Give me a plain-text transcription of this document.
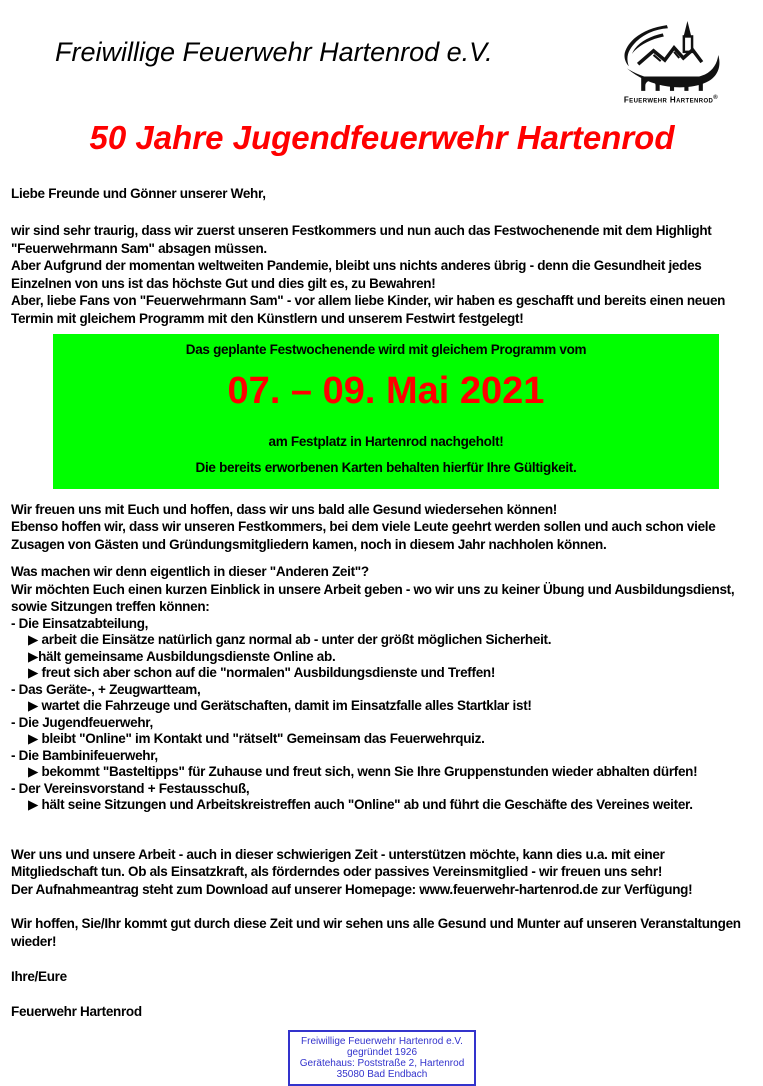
Freiwillige Feuerwehr Hartenrod e.V.
Feuerwehr Hartenrod®
50 Jahre Jugendfeuerwehr Hartenrod
Liebe Freunde und Gönner unserer Wehr,
wir sind sehr traurig, dass wir zuerst unseren Festkommers und nun auch das Festwochenende mit dem Highlight "Feuerwehrmann Sam" absagen müssen.
Aber Aufgrund der momentan weltweiten Pandemie, bleibt uns nichts anderes übrig - denn die Gesundheit jedes Einzelnen von uns ist das höchste Gut und dies gilt es, zu Bewahren!
Aber, liebe Fans von "Feuerwehrmann Sam" - vor allem liebe Kinder, wir haben es geschafft und bereits einen neuen Termin mit gleichem Programm mit den Künstlern und unserem Festwirt festgelegt!
Das geplante Festwochenende wird mit gleichem Programm vom
07. – 09. Mai 2021
am Festplatz in Hartenrod nachgeholt!
Die bereits erworbenen Karten behalten hierfür Ihre Gültigkeit.
Wir freuen uns mit Euch und hoffen, dass wir uns bald alle Gesund wiedersehen können!
Ebenso hoffen wir, dass wir unseren Festkommers, bei dem viele Leute geehrt werden sollen und auch schon viele Zusagen von Gästen und Gründungsmitgliedern kamen, noch in diesem Jahr nachholen können.
Was machen wir denn eigentlich in dieser "Anderen Zeit"?
Wir möchten Euch einen kurzen Einblick in unsere Arbeit geben - wo wir uns zu keiner Übung und Ausbildungsdienst, sowie Sitzungen treffen können:
- Die Einsatzabteilung,
▶ arbeit die Einsätze natürlich ganz normal ab - unter der größt möglichen Sicherheit.
▶hält gemeinsame Ausbildungsdienste Online ab.
▶ freut sich aber schon auf die "normalen" Ausbildungsdienste und Treffen!
- Das Geräte-, + Zeugwartteam,
▶ wartet die Fahrzeuge und Gerätschaften, damit im Einsatzfalle alles Startklar ist!
- Die Jugendfeuerwehr,
▶ bleibt "Online" im Kontakt und "rätselt" Gemeinsam das Feuerwehrquiz.
- Die Bambinifeuerwehr,
▶ bekommt "Basteltipps" für Zuhause und freut sich, wenn Sie Ihre Gruppenstunden wieder abhalten dürfen!
- Der Vereinsvorstand + Festausschuß,
▶ hält seine Sitzungen und Arbeitskreistreffen auch "Online" ab und führt die Geschäfte des Vereines weiter.
Wer uns und unsere Arbeit - auch in dieser schwierigen Zeit - unterstützen möchte, kann dies u.a. mit einer Mitgliedschaft tun. Ob als Einsatzkraft, als förderndes oder passives Vereinsmitglied - wir freuen uns sehr!
Der Aufnahmeantrag steht zum Download auf unserer Homepage: www.feuerwehr-hartenrod.de zur Verfügung!
Wir hoffen, Sie/Ihr kommt gut durch diese Zeit und wir sehen uns alle Gesund und Munter auf unseren Veranstaltungen wieder!
Ihre/Eure
Feuerwehr Hartenrod
Freiwillige Feuerwehr Hartenrod e.V.
gegründet 1926
Gerätehaus: Poststraße 2, Hartenrod
35080 Bad Endbach
